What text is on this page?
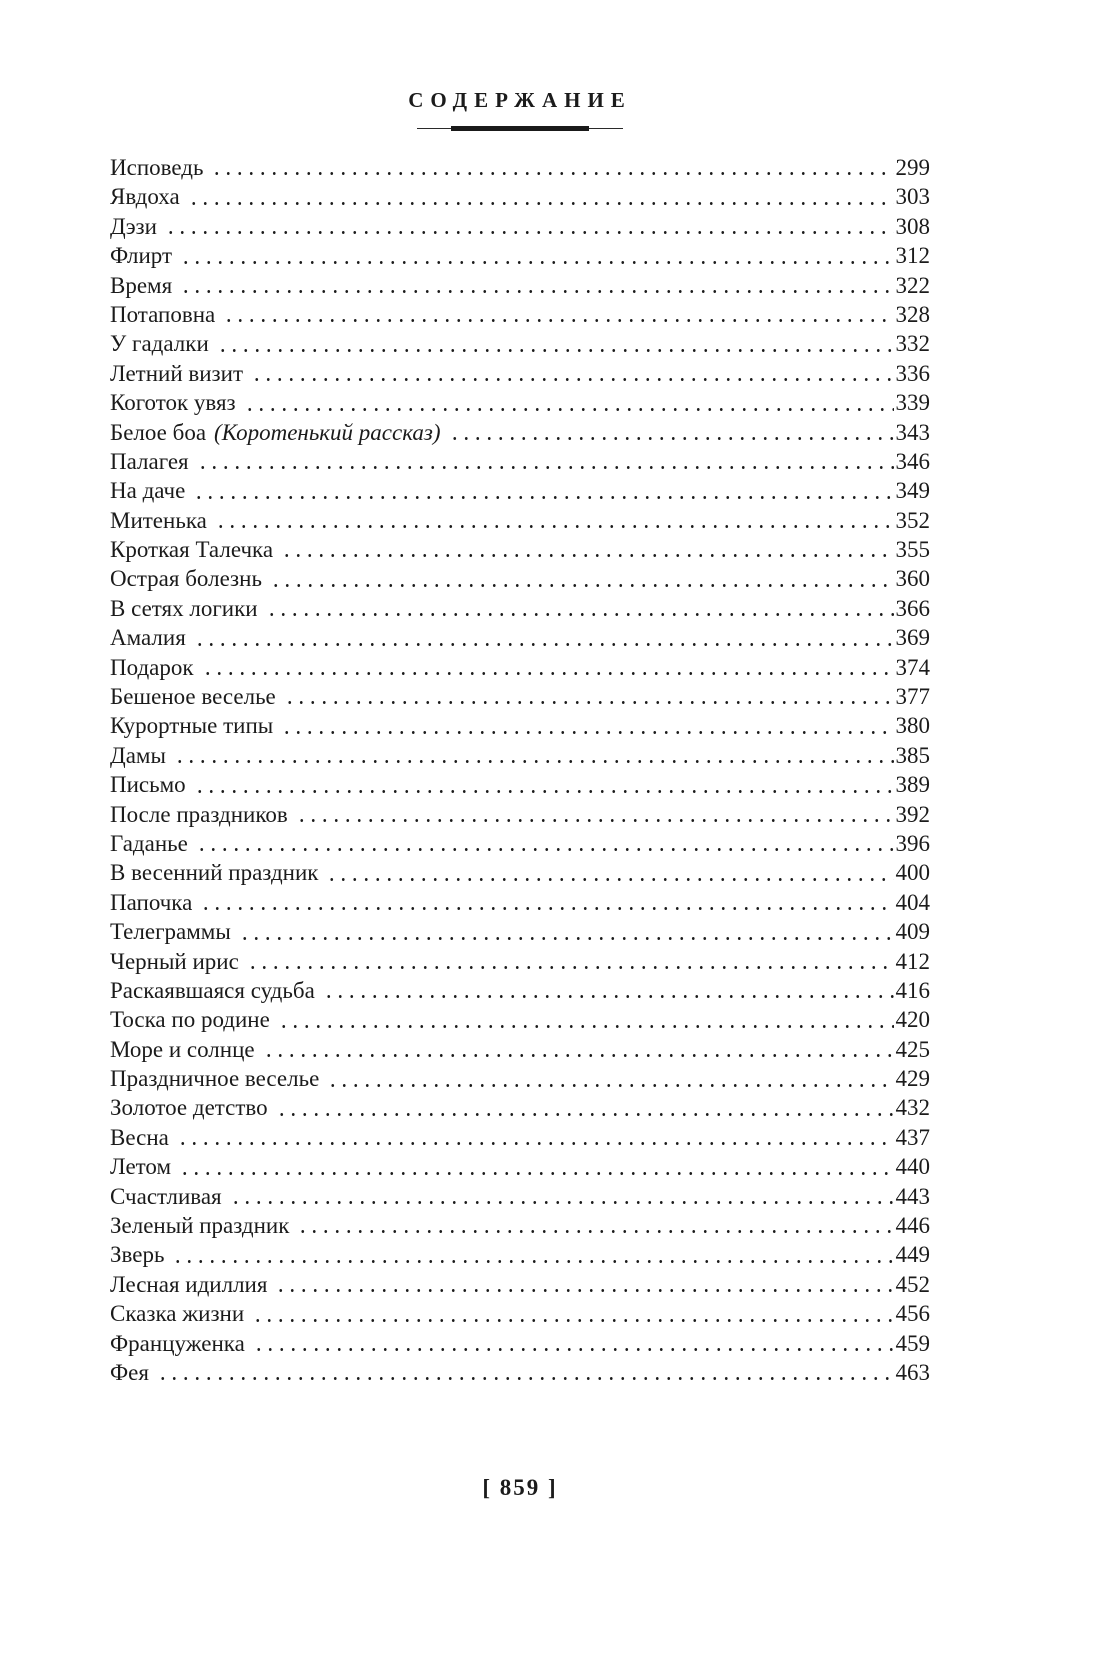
СОДЕРЖАНИЕ
Исповедь	299
Явдоха	303
Дэзи	308
Флирт	312
Время	322
Потаповна	328
У гадалки	332
Летний визит	336
Коготок увяз	339
Белое боа (Коротенький рассказ)	343
Палагея	346
На даче	349
Митенька	352
Кроткая Талечка	355
Острая болезнь	360
В сетях логики	366
Амалия	369
Подарок	374
Бешеное веселье	377
Курортные типы	380
Дамы	385
Письмо	389
После праздников	392
Гаданье	396
В весенний праздник	400
Папочка	404
Телеграммы	409
Черный ирис	412
Раскаявшаяся судьба	416
Тоска по родине	420
Море и солнце	425
Праздничное веселье	429
Золотое детство	432
Весна	437
Летом	440
Счастливая	443
Зеленый праздник	446
Зверь	449
Лесная идиллия	452
Сказка жизни	456
Француженка	459
Фея	463
[ 859 ]
